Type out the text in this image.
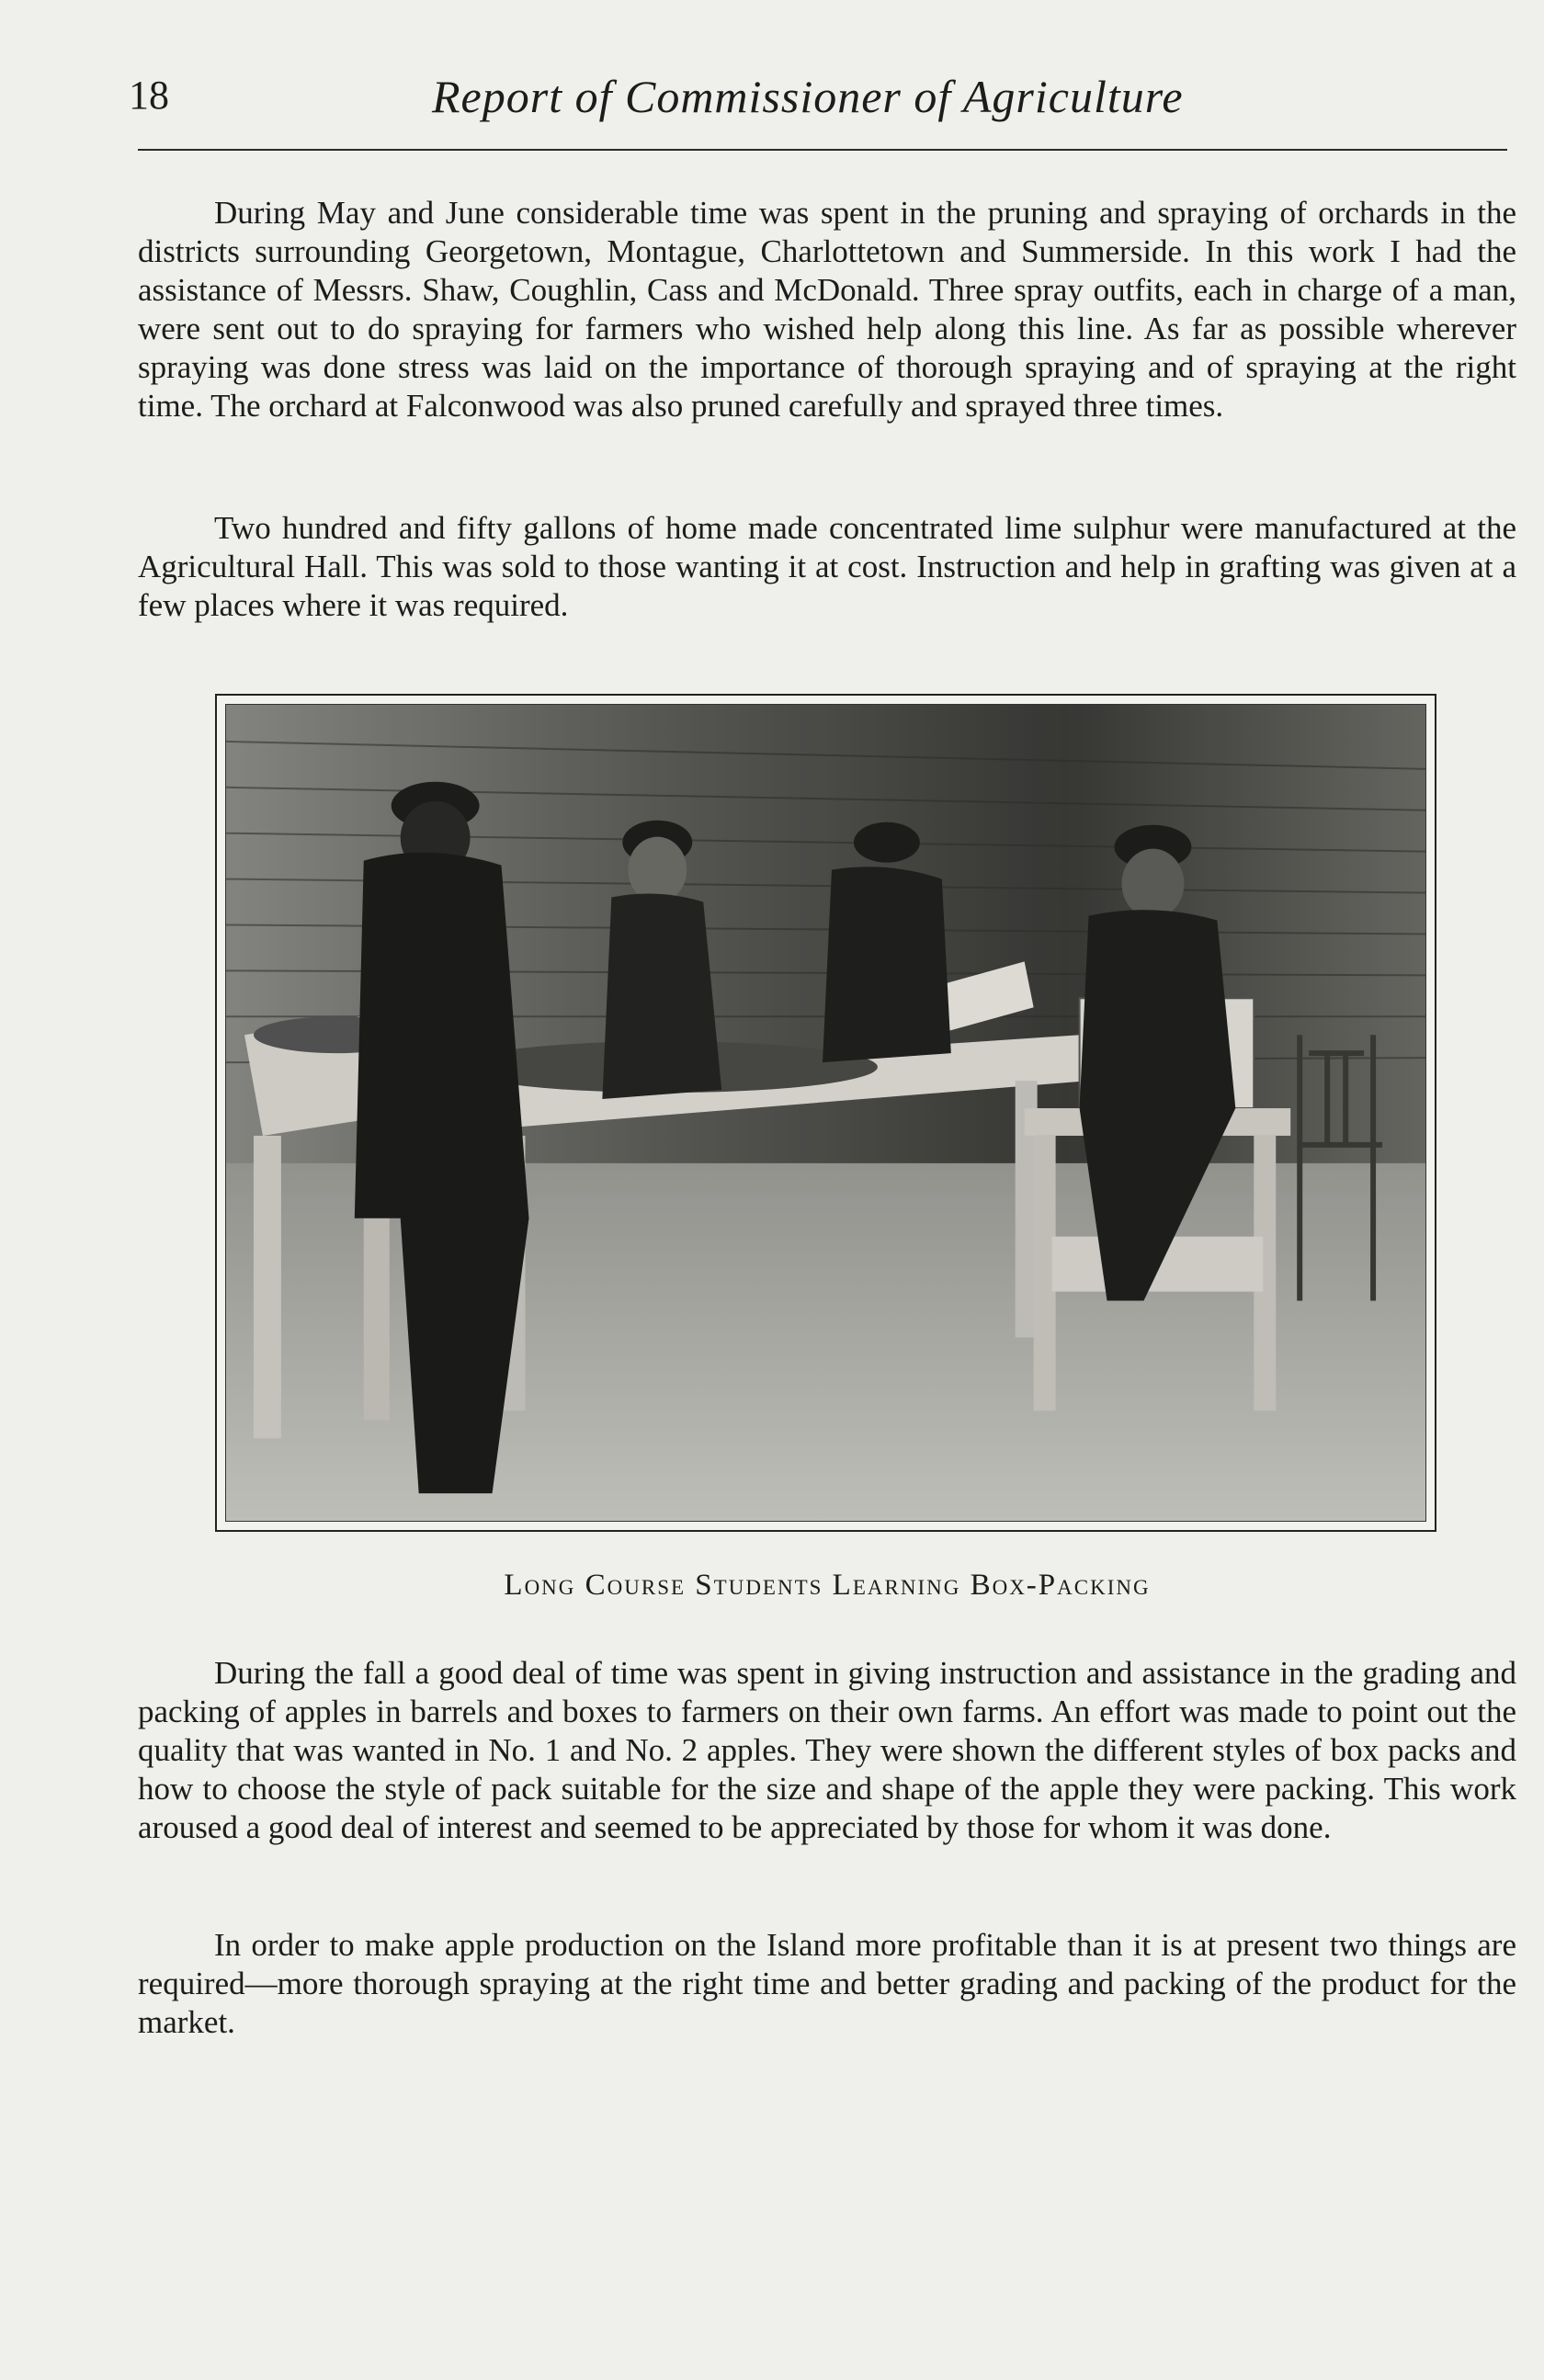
18	Report of Commissioner of Agriculture

During May and June considerable time was spent in the pruning and spraying of orchards in the districts surrounding Georgetown, Montague, Charlottetown and Summerside. In this work I had the assistance of Messrs. Shaw, Coughlin, Cass and McDonald. Three spray outfits, each in charge of a man, were sent out to do spraying for farmers who wished help along this line. As far as possible wherever spraying was done stress was laid on the importance of thorough spraying and of spraying at the right time. The orchard at Falconwood was also pruned carefully and sprayed three times.

Two hundred and fifty gallons of home made concentrated lime sulphur were manufactured at the Agricultural Hall. This was sold to those wanting it at cost. Instruction and help in grafting was given at a few places where it was required.

Long Course Students Learning Box-Packing

During the fall a good deal of time was spent in giving instruction and assistance in the grading and packing of apples in barrels and boxes to farmers on their own farms. An effort was made to point out the quality that was wanted in No. 1 and No. 2 apples. They were shown the different styles of box packs and how to choose the style of pack suitable for the size and shape of the apple they were packing. This work aroused a good deal of interest and seemed to be appreciated by those for whom it was done.

In order to make apple production on the Island more profitable than it is at present two things are required—more thorough spraying at the right time and better grading and packing of the product for the market.
